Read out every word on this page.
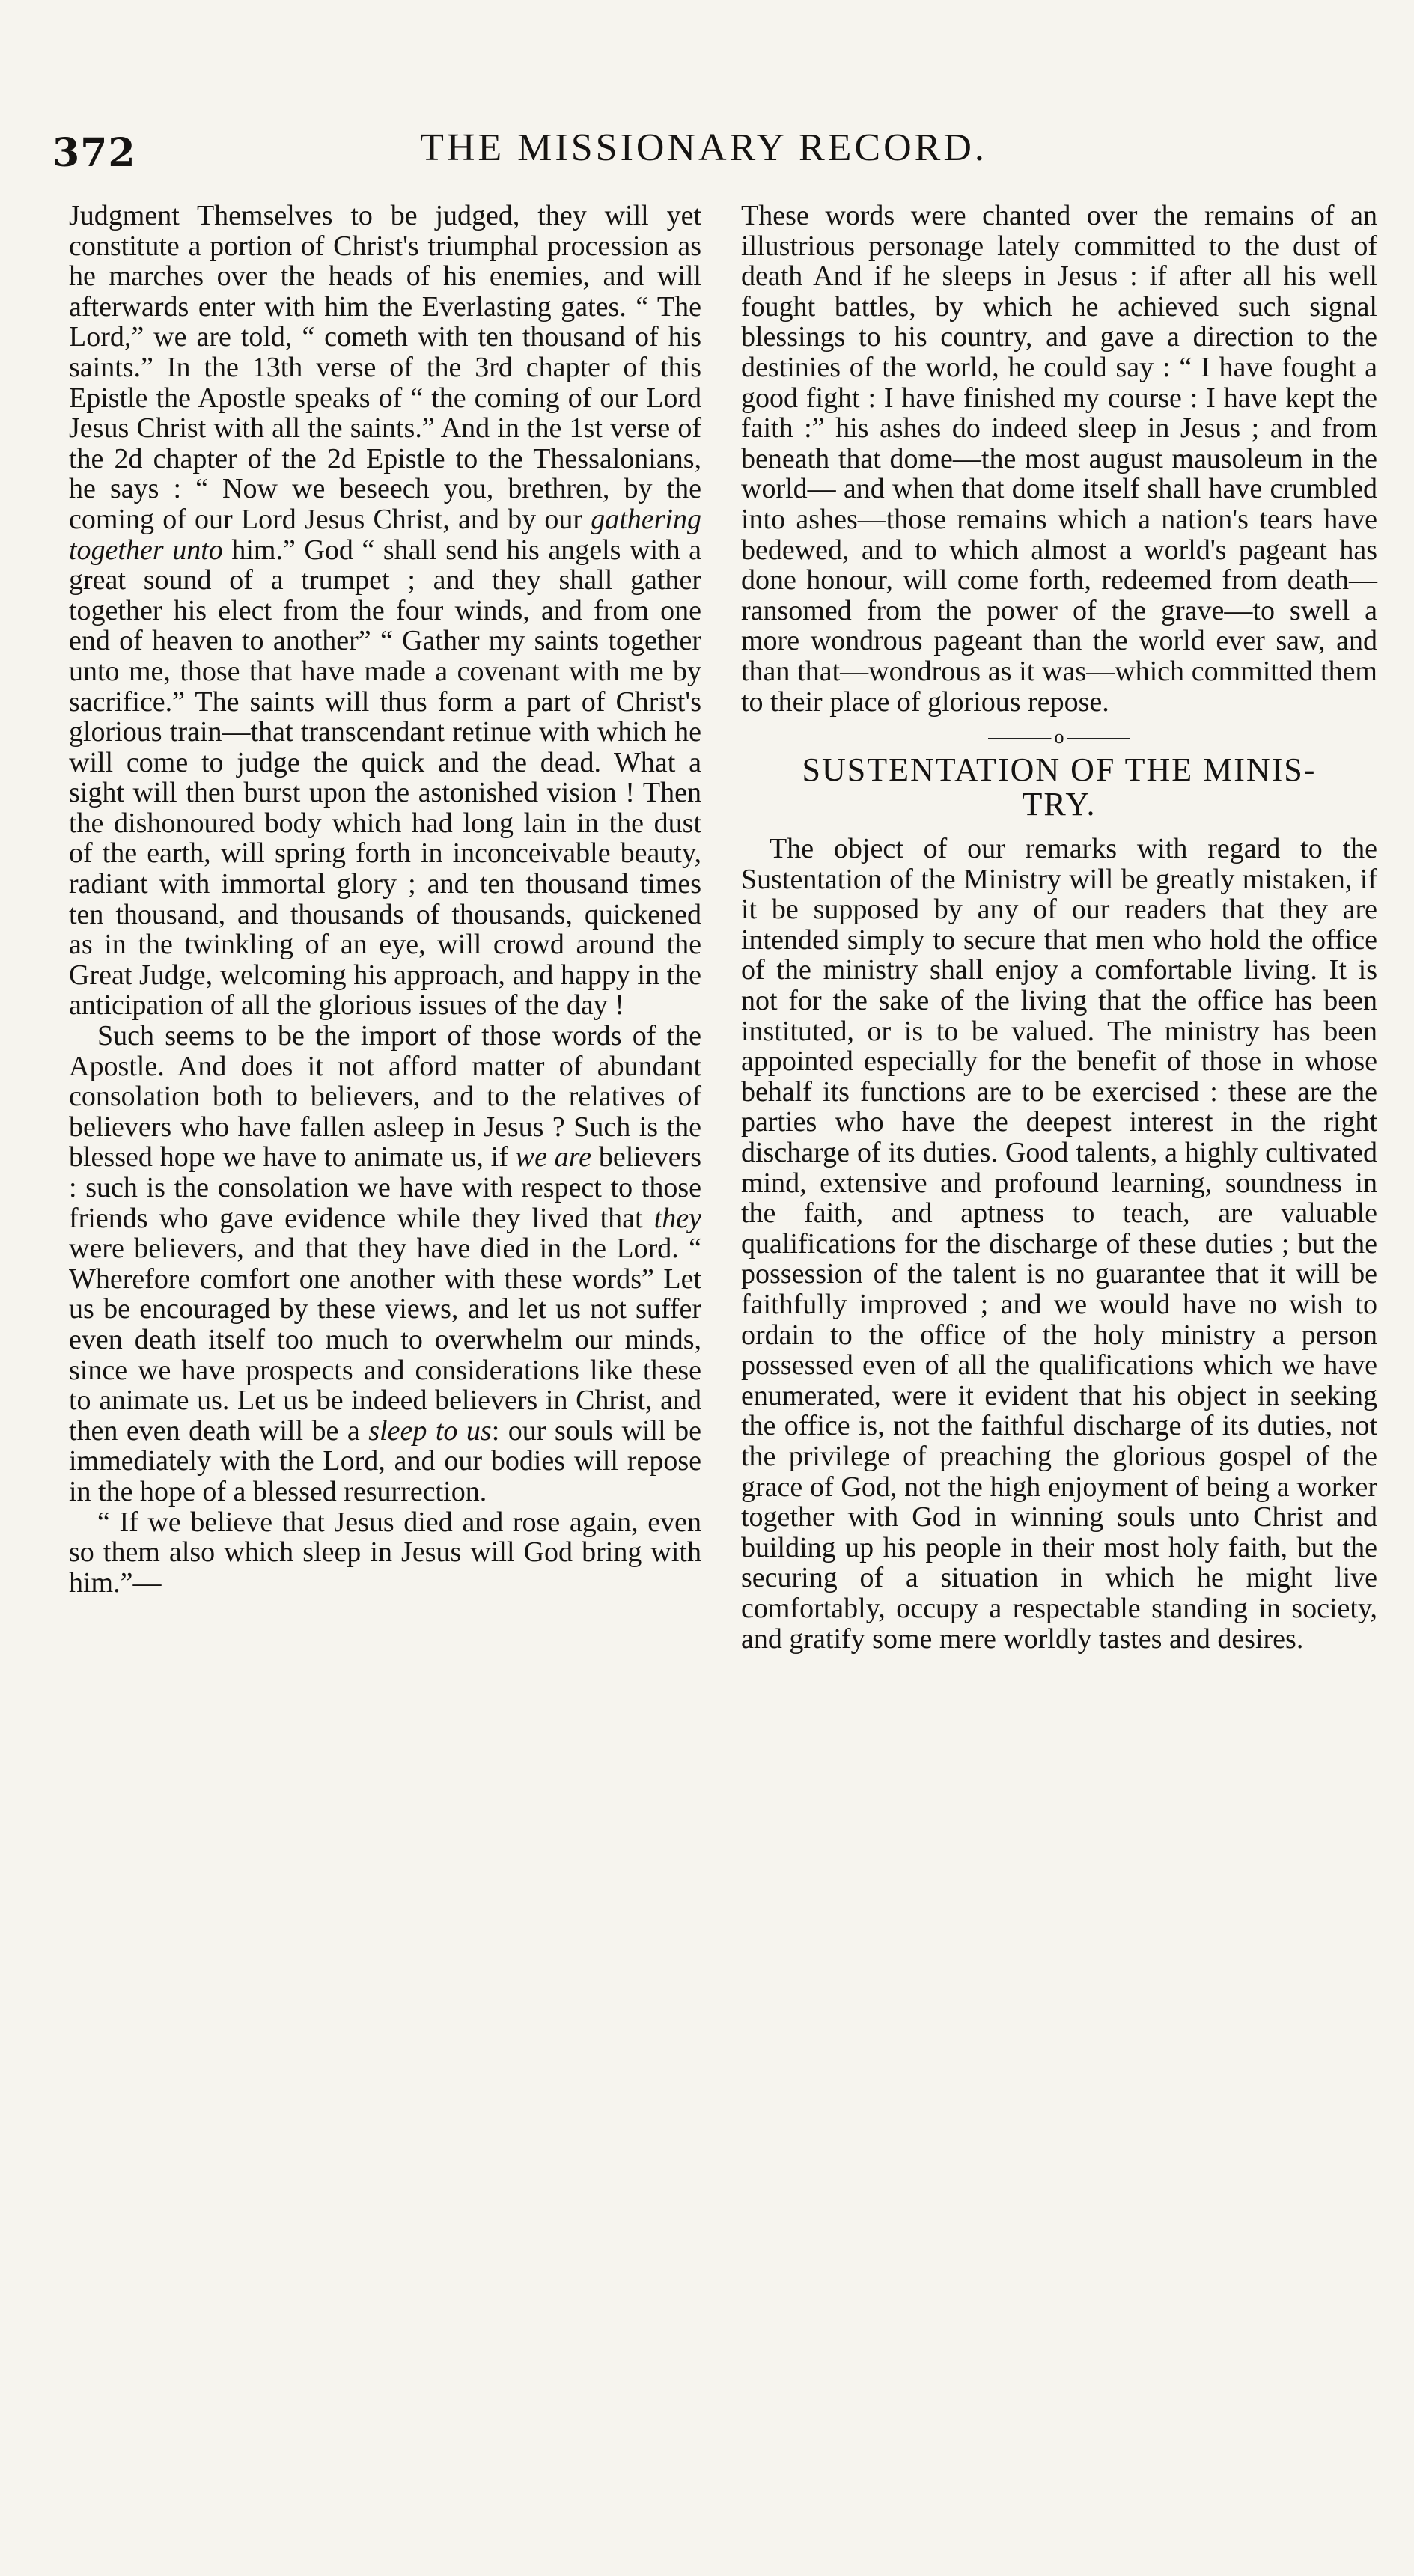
372	THE MISSIONARY RECORD.

Judgment Themselves to be judged, they will yet constitute a portion of Christ's triumphal procession as he marches over the heads of his enemies, and will afterwards enter with him the Everlasting gates. “ The Lord,” we are told, “ cometh with ten thousand of his saints.” In the 13th verse of the 3rd chapter of this Epistle the Apostle speaks of “ the coming of our Lord Jesus Christ with all the saints.” And in the 1st verse of the 2d chapter of the 2d Epistle to the Thessalonians, he says : “ Now we beseech you, brethren, by the coming of our Lord Jesus Christ, and by our gathering together unto him.” God “ shall send his angels with a great sound of a trumpet ; and they shall gather together his elect from the four winds, and from one end of heaven to another” “ Gather my saints together unto me, those that have made a covenant with me by sacrifice.” The saints will thus form a part of Christ's glorious train—that transcendant retinue with which he will come to judge the quick and the dead. What a sight will then burst upon the astonished vision ! Then the dishonoured body which had long lain in the dust of the earth, will spring forth in inconceivable beauty, radiant with immortal glory ; and ten thousand times ten thousand, and thousands of thousands, quickened as in the twinkling of an eye, will crowd around the Great Judge, welcoming his approach, and happy in the anticipation of all the glorious issues of the day !

Such seems to be the import of those words of the Apostle. And does it not afford matter of abundant consolation both to believers, and to the relatives of believers who have fallen asleep in Jesus ? Such is the blessed hope we have to animate us, if we are believers : such is the consolation we have with respect to those friends who gave evidence while they lived that they were believers, and that they have died in the Lord. “ Wherefore comfort one another with these words” Let us be encouraged by these views, and let us not suffer even death itself too much to overwhelm our minds, since we have prospects and considerations like these to animate us. Let us be indeed believers in Christ, and then even death will be a sleep to us: our souls will be immediately with the Lord, and our bodies will repose in the hope of a blessed resurrection.

“ If we believe that Jesus died and rose again, even so them also which sleep in Jesus will God bring with him.”—

These words were chanted over the remains of an illustrious personage lately committed to the dust of death And if he sleeps in Jesus : if after all his well fought battles, by which he achieved such signal blessings to his country, and gave a direction to the destinies of the world, he could say : “ I have fought a good fight : I have finished my course : I have kept the faith :” his ashes do indeed sleep in Jesus ; and from beneath that dome—the most august mausoleum in the world— and when that dome itself shall have crumbled into ashes—those remains which a nation's tears have bedewed, and to which almost a world's pageant has done honour, will come forth, redeemed from death—ransomed from the power of the grave—to swell a more wondrous pageant than the world ever saw, and than that—wondrous as it was—which committed them to their place of glorious repose.

o
SUSTENTATION OF THE MINIS-
TRY.

The object of our remarks with regard to the Sustentation of the Ministry will be greatly mistaken, if it be supposed by any of our readers that they are intended simply to secure that men who hold the office of the ministry shall enjoy a comfortable living. It is not for the sake of the living that the office has been instituted, or is to be valued. The ministry has been appointed especially for the benefit of those in whose behalf its functions are to be exercised : these are the parties who have the deepest interest in the right discharge of its duties. Good talents, a highly cultivated mind, extensive and profound learning, soundness in the faith, and aptness to teach, are valuable qualifications for the discharge of these duties ; but the possession of the talent is no guarantee that it will be faithfully improved ; and we would have no wish to ordain to the office of the holy ministry a person possessed even of all the qualifications which we have enumerated, were it evident that his object in seeking the office is, not the faithful discharge of its duties, not the privilege of preaching the glorious gospel of the grace of God, not the high enjoyment of being a worker together with God in winning souls unto Christ and building up his people in their most holy faith, but the securing of a situation in which he might live comfortably, occupy a respectable standing in society, and gratify some mere worldly tastes and desires.
